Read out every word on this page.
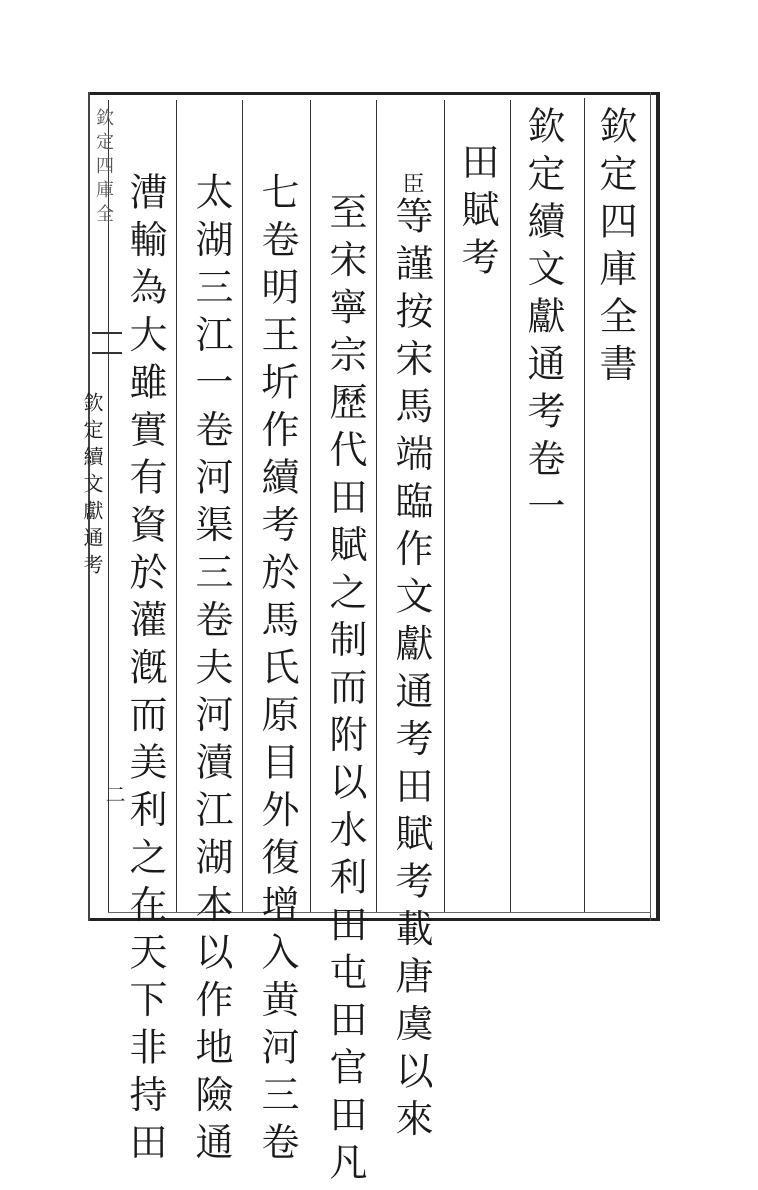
欽定四庫全書
欽定續文獻通考卷一
田賦考
臣等謹按宋馬端臨作文獻通考田賦考載唐虞以來
至宋寧宗歷代田賦之制而附以水利田屯田官田凡
七卷明王圻作續考於馬氏原目外復增入黄河三卷
太湖三江一卷河渠三卷夫河瀆江湖本以作地險通
漕輸為大雖實有資於灌漑而美利之在天下非持田
欽定四庫全
欽定續文獻通考
二
